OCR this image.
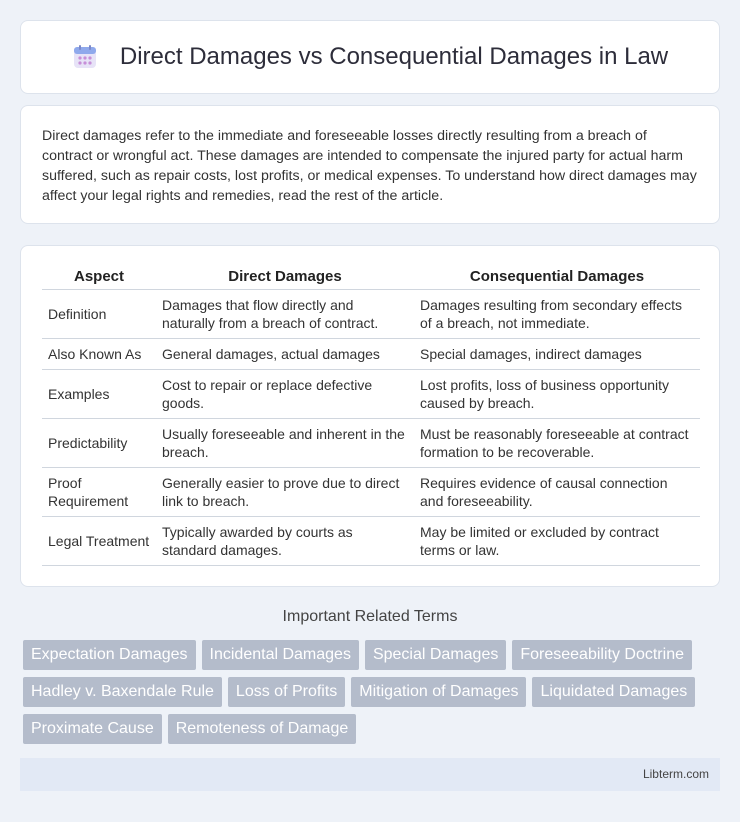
Direct Damages vs Consequential Damages in Law

Direct damages refer to the immediate and foreseeable losses directly resulting from a breach of contract or wrongful act. These damages are intended to compensate the injured party for actual harm suffered, such as repair costs, lost profits, or medical expenses. To understand how direct damages may affect your legal rights and remedies, read the rest of the article.

Aspect	Direct Damages	Consequential Damages
Definition	Damages that flow directly and naturally from a breach of contract.	Damages resulting from secondary effects of a breach, not immediate.
Also Known As	General damages, actual damages	Special damages, indirect damages
Examples	Cost to repair or replace defective goods.	Lost profits, loss of business opportunity caused by breach.
Predictability	Usually foreseeable and inherent in the breach.	Must be reasonably foreseeable at contract formation to be recoverable.
Proof Requirement	Generally easier to prove due to direct link to breach.	Requires evidence of causal connection and foreseeability.
Legal Treatment	Typically awarded by courts as standard damages.	May be limited or excluded by contract terms or law.
Important Related Terms
Expectation Damages	Incidental Damages	Special Damages	Foreseeability Doctrine
Hadley v. Baxendale Rule	Loss of Profits	Mitigation of Damages	Liquidated Damages
Proximate Cause	Remoteness of Damage
Libterm.com
